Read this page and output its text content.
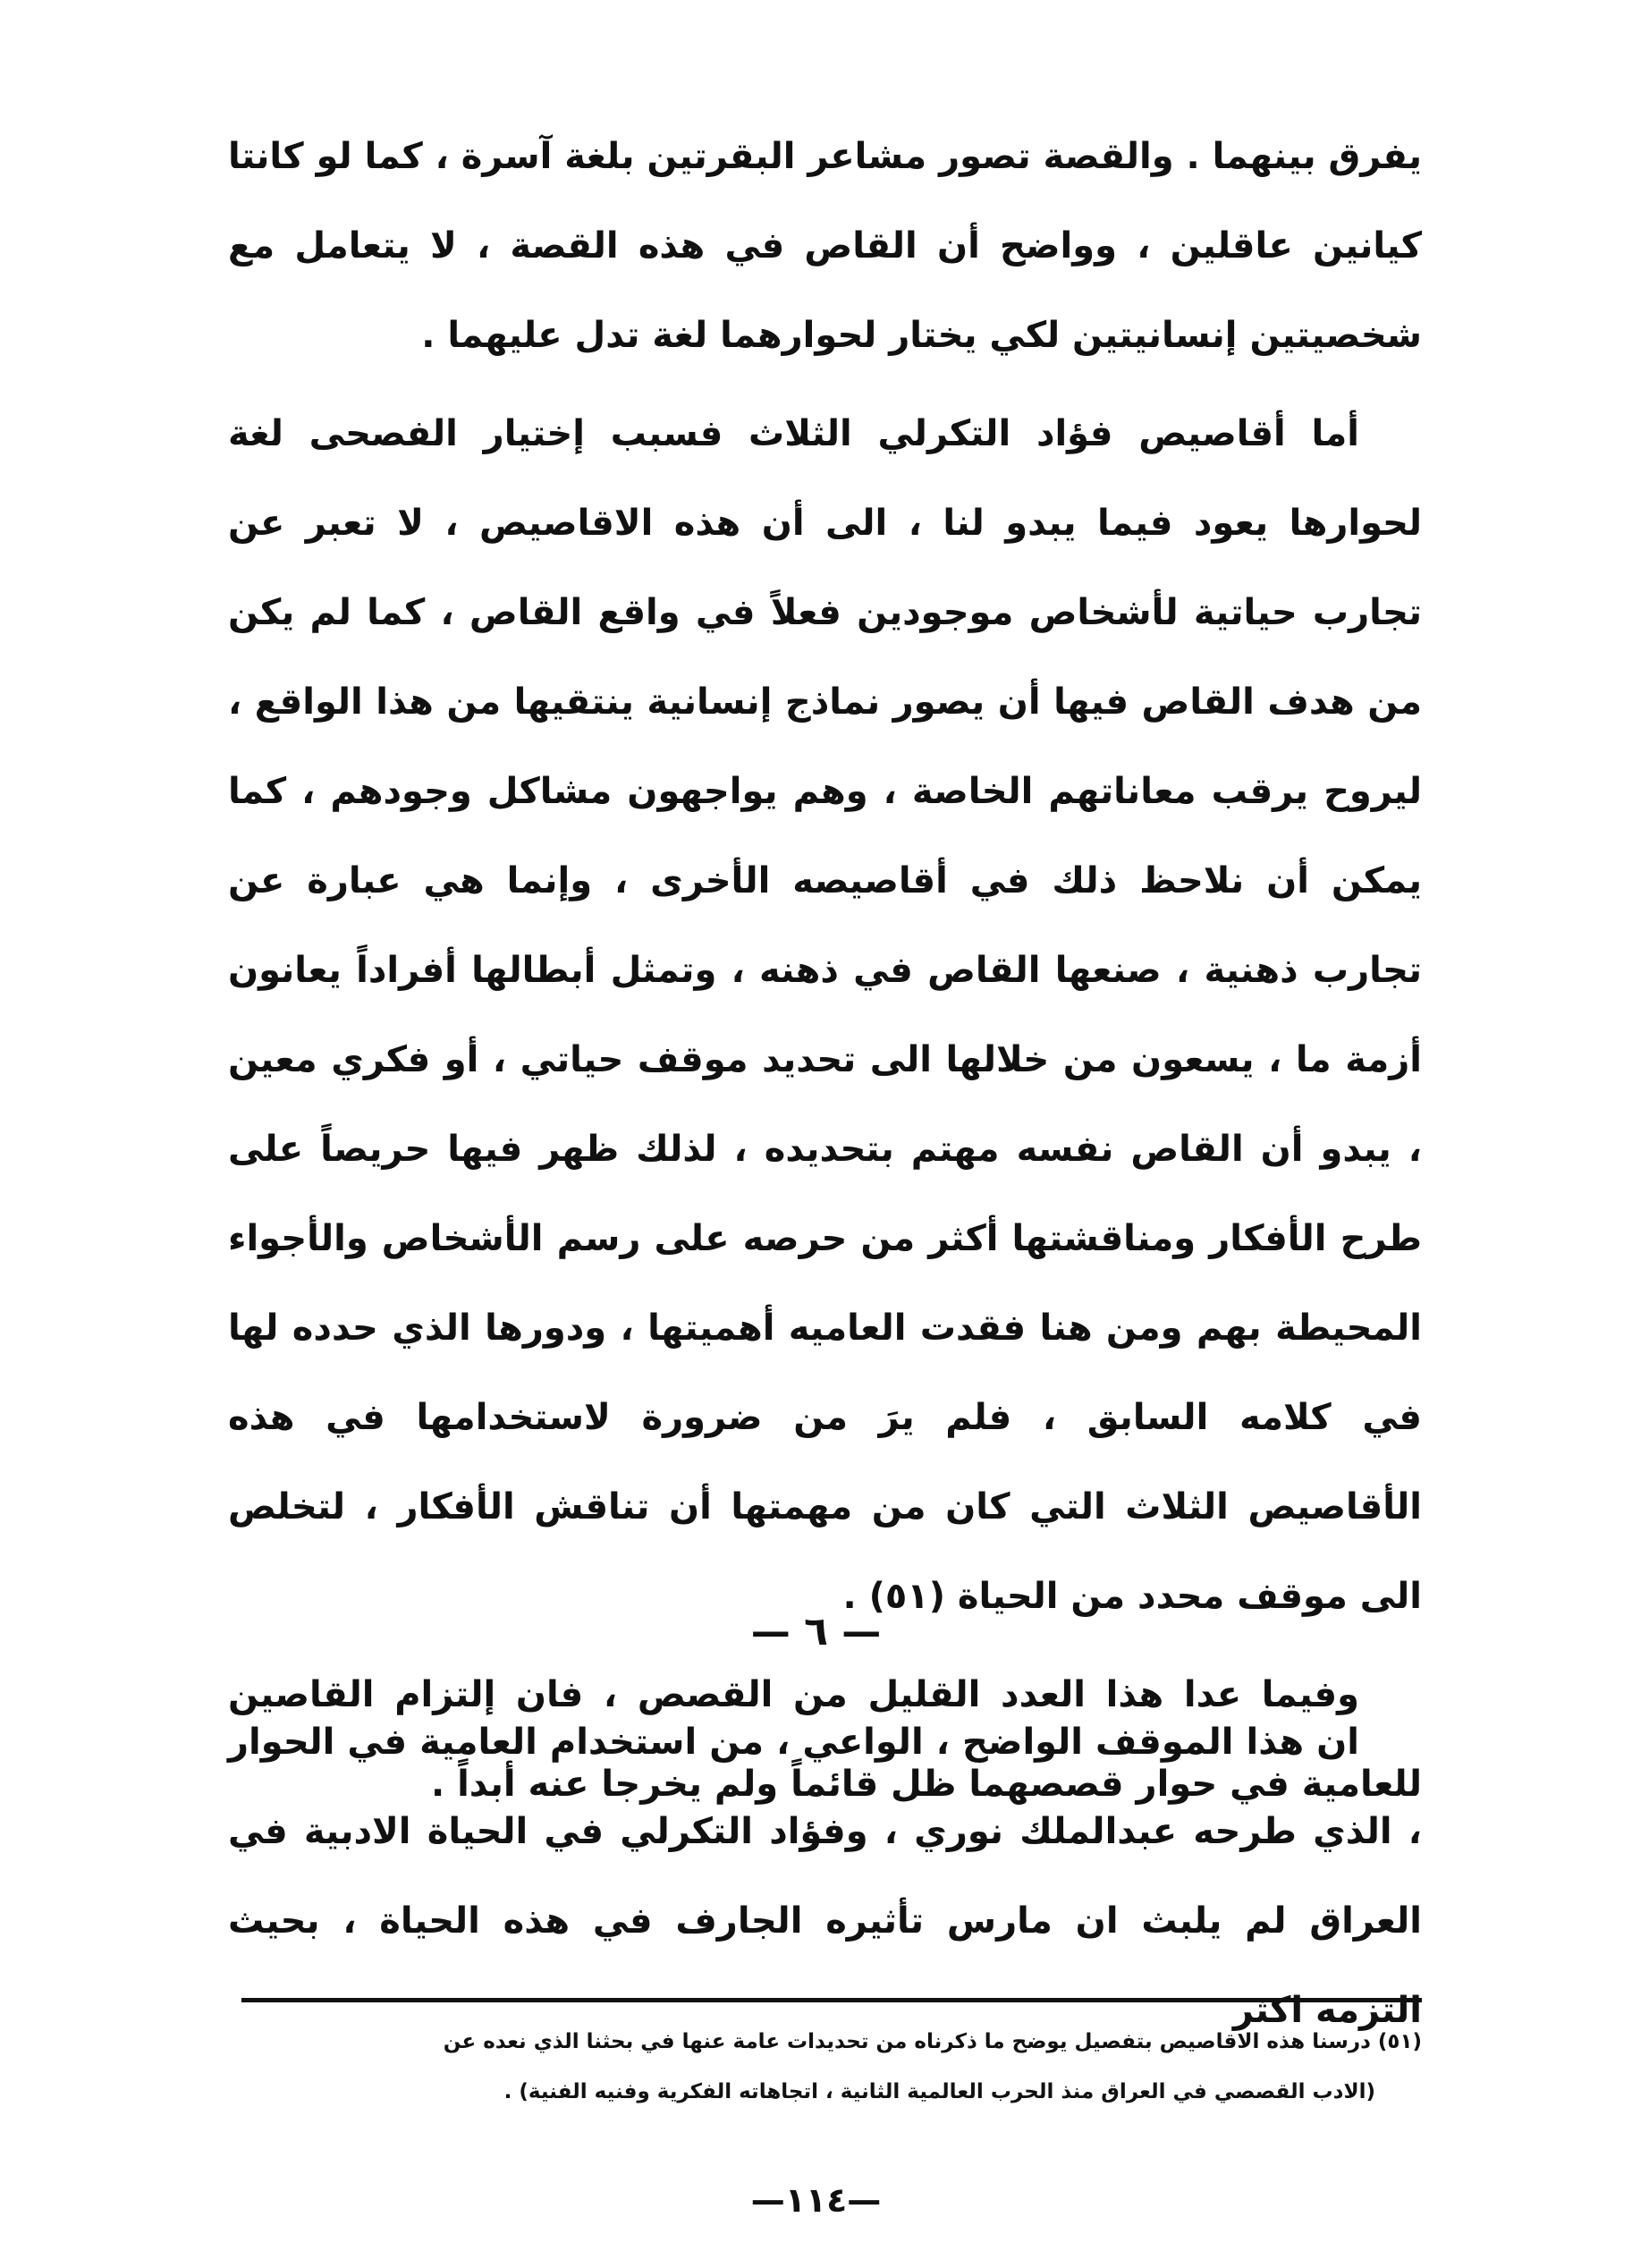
يفرق بينهما . والقصة تصور مشاعر البقرتين بلغة آسرة ، كما لو كانتا كيانين عاقلين ، وواضح أن القاص في هذه القصة ، لا يتعامل مع شخصيتين إنسانيتين لكي يختار لحوارهما لغة تدل عليهما .

أما أقاصيص فؤاد التكرلي الثلاث فسبب إختيار الفصحى لغة لحوارها يعود فيما يبدو لنا ، الى أن هذه الاقاصيص ، لا تعبر عن تجارب حياتية لأشخاص موجودين فعلاً في واقع القاص ، كما لم يكن من هدف القاص فيها أن يصور نماذج إنسانية ينتقيها من هذا الواقع ، ليروح يرقب معاناتهم الخاصة ، وهم يواجهون مشاكل وجودهم ، كما يمكن أن نلاحظ ذلك في أقاصيصه الأخرى ، وإنما هي عبارة عن تجارب ذهنية ، صنعها القاص في ذهنه ، وتمثل أبطالها أفراداً يعانون أزمة ما ، يسعون من خلالها الى تحديد موقف حياتي ، أو فكري معين ، يبدو أن القاص نفسه مهتم بتحديده ، لذلك ظهر فيها حريصاً على طرح الأفكار ومناقشتها أكثر من حرصه على رسم الأشخاص والأجواء المحيطة بهم ومن هنا فقدت العاميه أهميتها ، ودورها الذي حدده لها في كلامه السابق ، فلم يرَ من ضرورة لاستخدامها في هذه الأقاصيص الثلاث التي كان من مهمتها أن تناقش الأفكار ، لتخلص الى موقف محدد من الحياة (٥١) .

وفيما عدا هذا العدد القليل من القصص ، فان إلتزام القاصين للعامية في حوار قصصهما ظل قائماً ولم يخرجا عنه أبداً .

— ٦ —

ان هذا الموقف الواضح ، الواعي ، من استخدام العامية في الحوار ، الذي طرحه عبدالملك نوري ، وفؤاد التكرلي في الحياة الادبية في العراق لم يلبث ان مارس تأثيره الجارف في هذه الحياة ، بحيث التزمه اكثر

(٥١) درسنا هذه الاقاصيص بتفصيل يوضح ما ذكرناه من تحديدات عامة عنها في بحثنا الذي نعده عن
(الادب القصصي في العراق منذ الحرب العالمية الثانية ، اتجاهاته الفكرية وفنيه الفنية) .
—١١٤—
